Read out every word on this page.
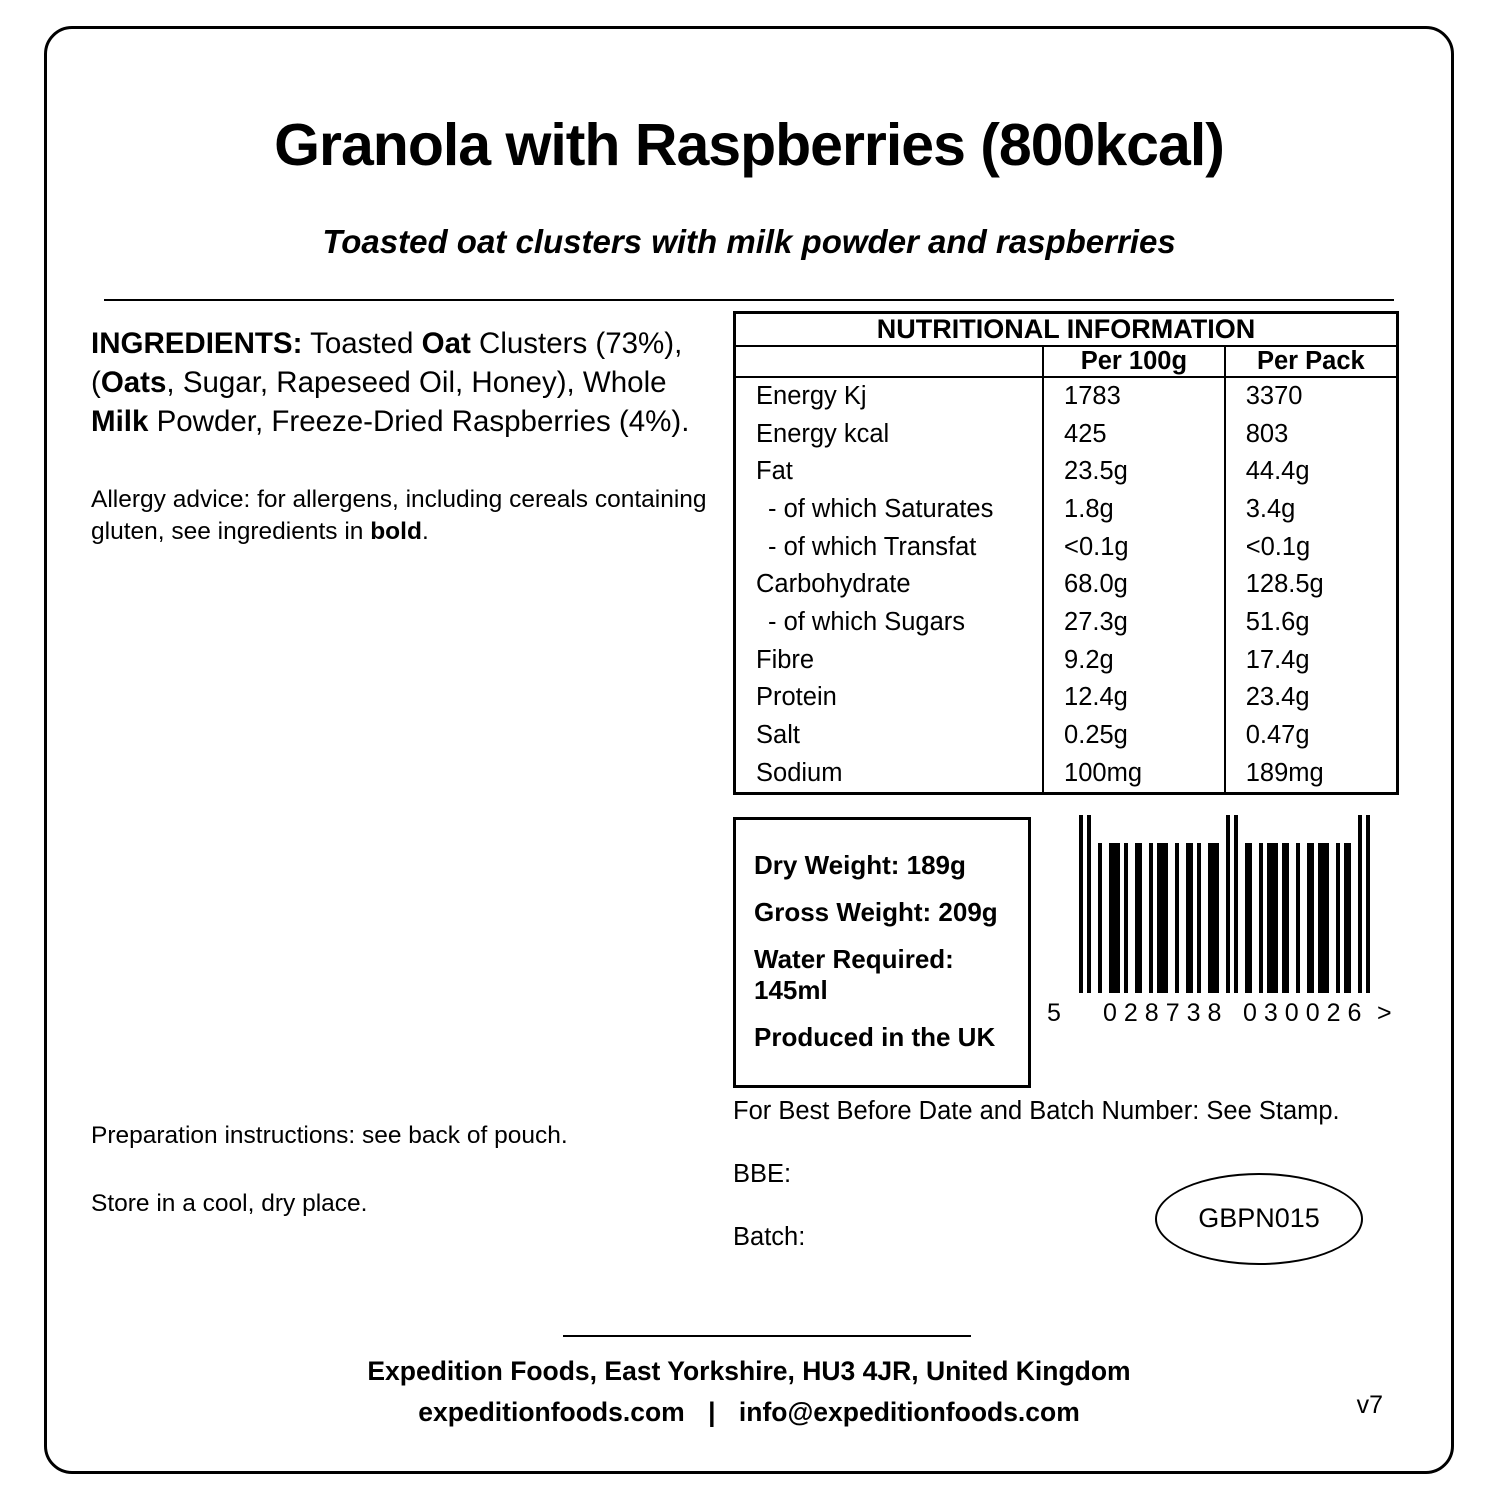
Granola with Raspberries (800kcal)
Toasted oat clusters with milk powder and raspberries
INGREDIENTS: Toasted Oat Clusters (73%), (Oats, Sugar, Rapeseed Oil, Honey), Whole Milk Powder, Freeze-Dried Raspberries (4%).
Allergy advice: for allergens, including cereals containing gluten, see ingredients in bold.

Preparation instructions: see back of pouch.

Store in a cool, dry place.

NUTRITIONAL INFORMATION		
	Per 100g	Per Pack
Energy Kj	1783	3370
Energy kcal	425	803
Fat	23.5g	44.4g
- of which Saturates	1.8g	3.4g
- of which Transfat	<0.1g	<0.1g
Carbohydrate	68.0g	128.5g
- of which Sugars	27.3g	51.6g
Fibre	9.2g	17.4g
Protein	12.4g	23.4g
Salt	0.25g	0.47g
Sodium	100mg	189mg
Dry Weight: 189g
Gross Weight: 209g
Water Required: 145ml
Produced in the UK
5 028738 030026 >

For Best Before Date and Batch Number: See Stamp.

BBE:

Batch:

GBPN015
Expedition Foods, East Yorkshire, HU3 4JR, United Kingdom
expeditionfoods.com | info@expeditionfoods.com	v7
